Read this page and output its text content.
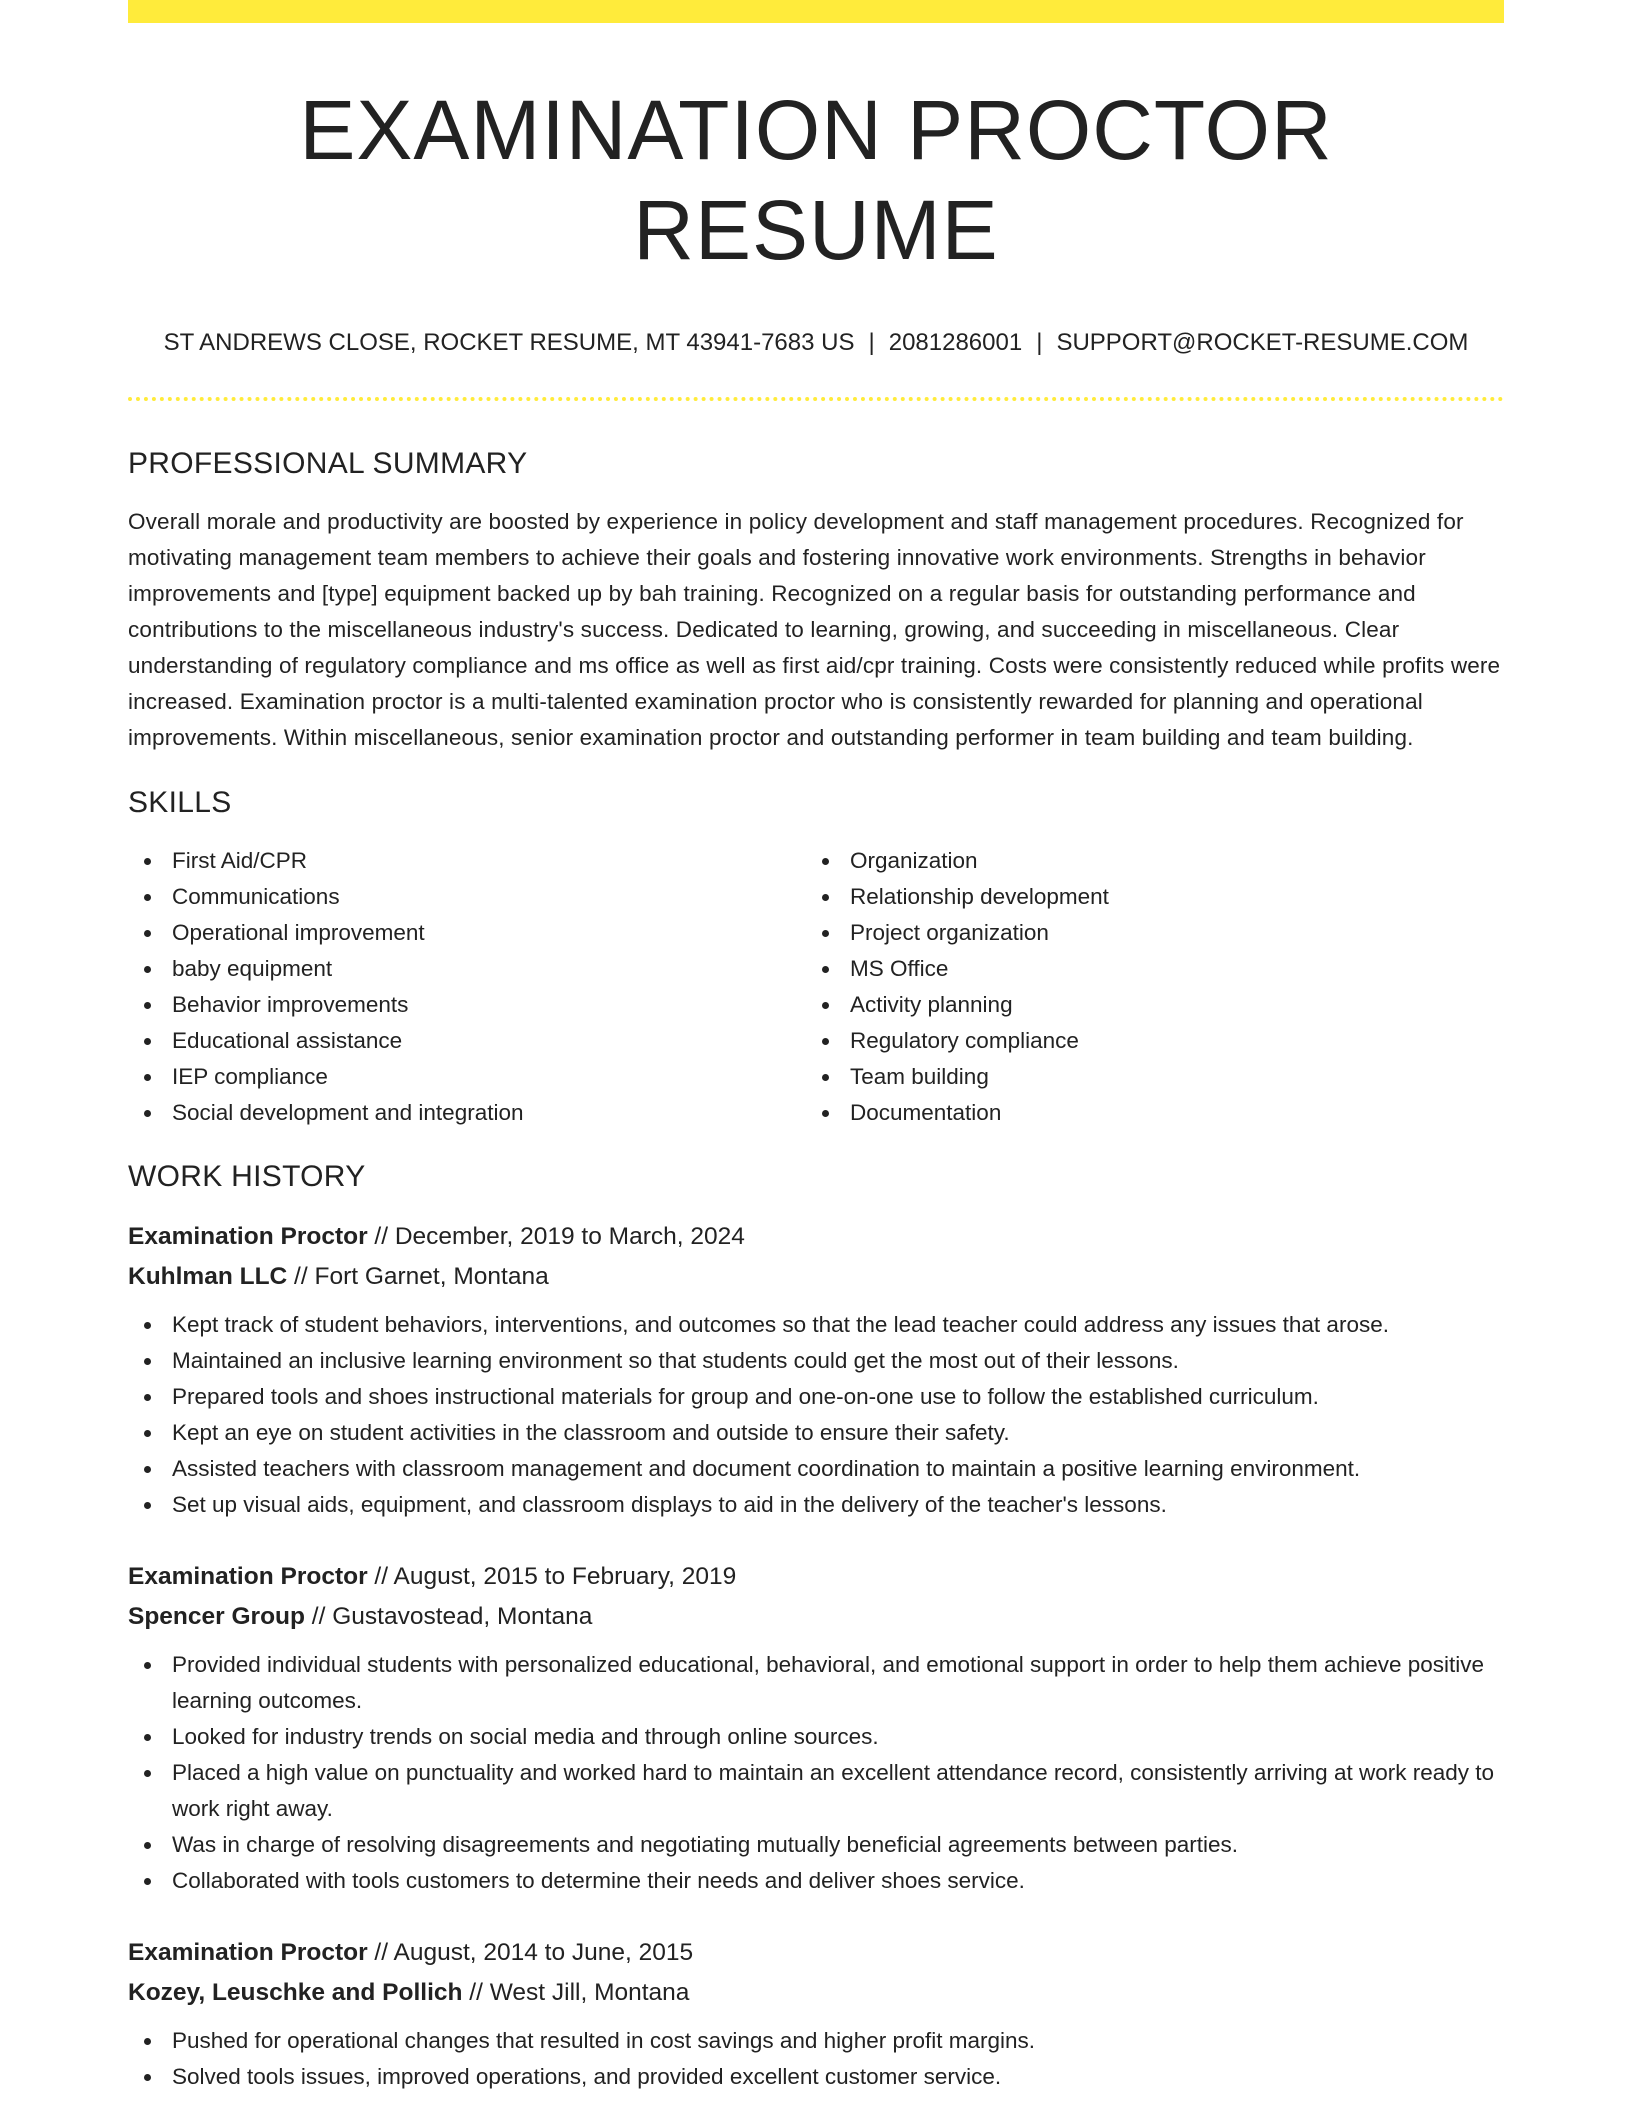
EXAMINATION PROCTOR RESUME
ST ANDREWS CLOSE, ROCKET RESUME, MT 43941-7683 US | 2081286001 | SUPPORT@ROCKET-RESUME.COM
PROFESSIONAL SUMMARY
Overall morale and productivity are boosted by experience in policy development and staff management procedures. Recognized for motivating management team members to achieve their goals and fostering innovative work environments. Strengths in behavior improvements and [type] equipment backed up by bah training. Recognized on a regular basis for outstanding performance and contributions to the miscellaneous industry's success. Dedicated to learning, growing, and succeeding in miscellaneous. Clear understanding of regulatory compliance and ms office as well as first aid/cpr training. Costs were consistently reduced while profits were increased. Examination proctor is a multi-talented examination proctor who is consistently rewarded for planning and operational improvements. Within miscellaneous, senior examination proctor and outstanding performer in team building and team building.
SKILLS
First Aid/CPR
Communications
Operational improvement
baby equipment
Behavior improvements
Educational assistance
IEP compliance
Social development and integration
Organization
Relationship development
Project organization
MS Office
Activity planning
Regulatory compliance
Team building
Documentation
WORK HISTORY
Examination Proctor // December, 2019 to March, 2024
Kuhlman LLC // Fort Garnet, Montana
Kept track of student behaviors, interventions, and outcomes so that the lead teacher could address any issues that arose.
Maintained an inclusive learning environment so that students could get the most out of their lessons.
Prepared tools and shoes instructional materials for group and one-on-one use to follow the established curriculum.
Kept an eye on student activities in the classroom and outside to ensure their safety.
Assisted teachers with classroom management and document coordination to maintain a positive learning environment.
Set up visual aids, equipment, and classroom displays to aid in the delivery of the teacher's lessons.
Examination Proctor // August, 2015 to February, 2019
Spencer Group // Gustavostead, Montana
Provided individual students with personalized educational, behavioral, and emotional support in order to help them achieve positive learning outcomes.
Looked for industry trends on social media and through online sources.
Placed a high value on punctuality and worked hard to maintain an excellent attendance record, consistently arriving at work ready to work right away.
Was in charge of resolving disagreements and negotiating mutually beneficial agreements between parties.
Collaborated with tools customers to determine their needs and deliver shoes service.
Examination Proctor // August, 2014 to June, 2015
Kozey, Leuschke and Pollich // West Jill, Montana
Pushed for operational changes that resulted in cost savings and higher profit margins.
Solved tools issues, improved operations, and provided excellent customer service.
